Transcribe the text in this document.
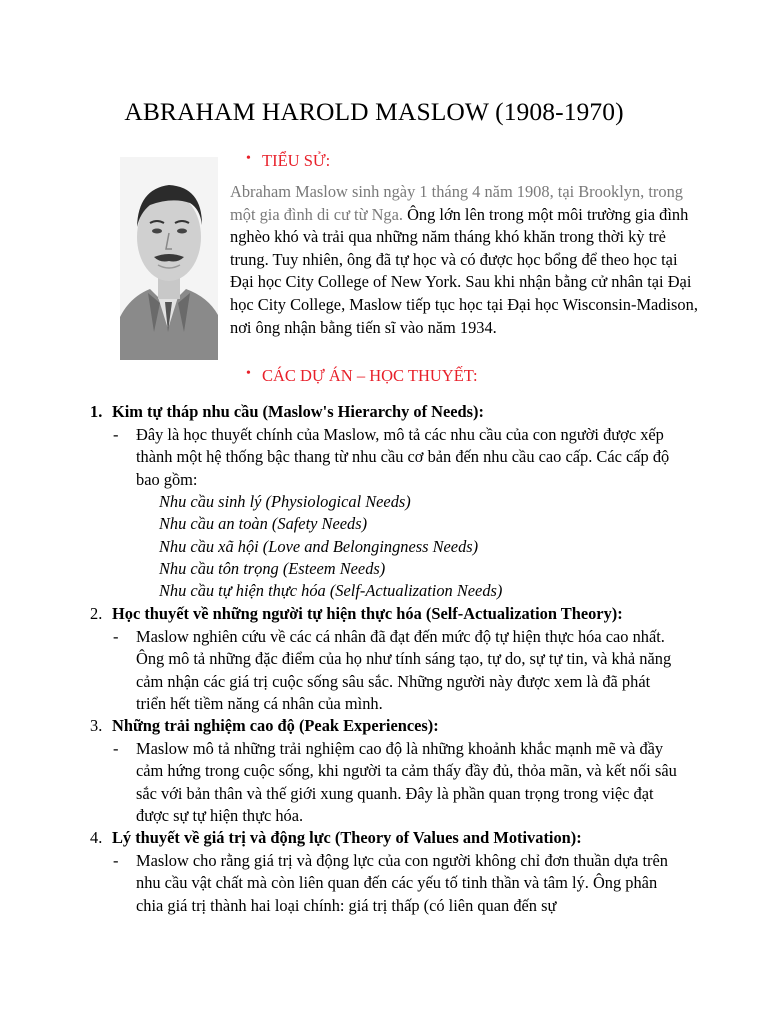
ABRAHAM HAROLD MASLOW (1908-1970)
• TIỂU SỬ:
Abraham Maslow sinh ngày 1 tháng 4 năm 1908, tại Brooklyn, trong một gia đình di cư từ Nga. Ông lớn lên trong một môi trường gia đình nghèo khó và trải qua những năm tháng khó khăn trong thời kỳ trẻ trung. Tuy nhiên, ông đã tự học và có được học bổng để theo học tại Đại học City College of New York. Sau khi nhận bằng cử nhân tại Đại học City College, Maslow tiếp tục học tại Đại học Wisconsin-Madison, nơi ông nhận bằng tiến sĩ vào năm 1934.
• CÁC DỰ ÁN – HỌC THUYẾT:
1. Kim tự tháp nhu cầu (Maslow's Hierarchy of Needs):
- Đây là học thuyết chính của Maslow, mô tả các nhu cầu của con người được xếp thành một hệ thống bậc thang từ nhu cầu cơ bản đến nhu cầu cao cấp. Các cấp độ bao gồm:
Nhu cầu sinh lý (Physiological Needs)
Nhu cầu an toàn (Safety Needs)
Nhu cầu xã hội (Love and Belongingness Needs)
Nhu cầu tôn trọng (Esteem Needs)
Nhu cầu tự hiện thực hóa (Self-Actualization Needs)
2. Học thuyết về những người tự hiện thực hóa (Self-Actualization Theory):
- Maslow nghiên cứu về các cá nhân đã đạt đến mức độ tự hiện thực hóa cao nhất. Ông mô tả những đặc điểm của họ như tính sáng tạo, tự do, sự tự tin, và khả năng cảm nhận các giá trị cuộc sống sâu sắc. Những người này được xem là đã phát triển hết tiềm năng cá nhân của mình.
3. Những trải nghiệm cao độ (Peak Experiences):
- Maslow mô tả những trải nghiệm cao độ là những khoảnh khắc mạnh mẽ và đầy cảm hứng trong cuộc sống, khi người ta cảm thấy đầy đủ, thỏa mãn, và kết nối sâu sắc với bản thân và thế giới xung quanh. Đây là phần quan trọng trong việc đạt được sự tự hiện thực hóa.
4. Lý thuyết về giá trị và động lực (Theory of Values and Motivation):
- Maslow cho rằng giá trị và động lực của con người không chỉ đơn thuần dựa trên nhu cầu vật chất mà còn liên quan đến các yếu tố tinh thần và tâm lý. Ông phân chia giá trị thành hai loại chính: giá trị thấp (có liên quan đến sự
